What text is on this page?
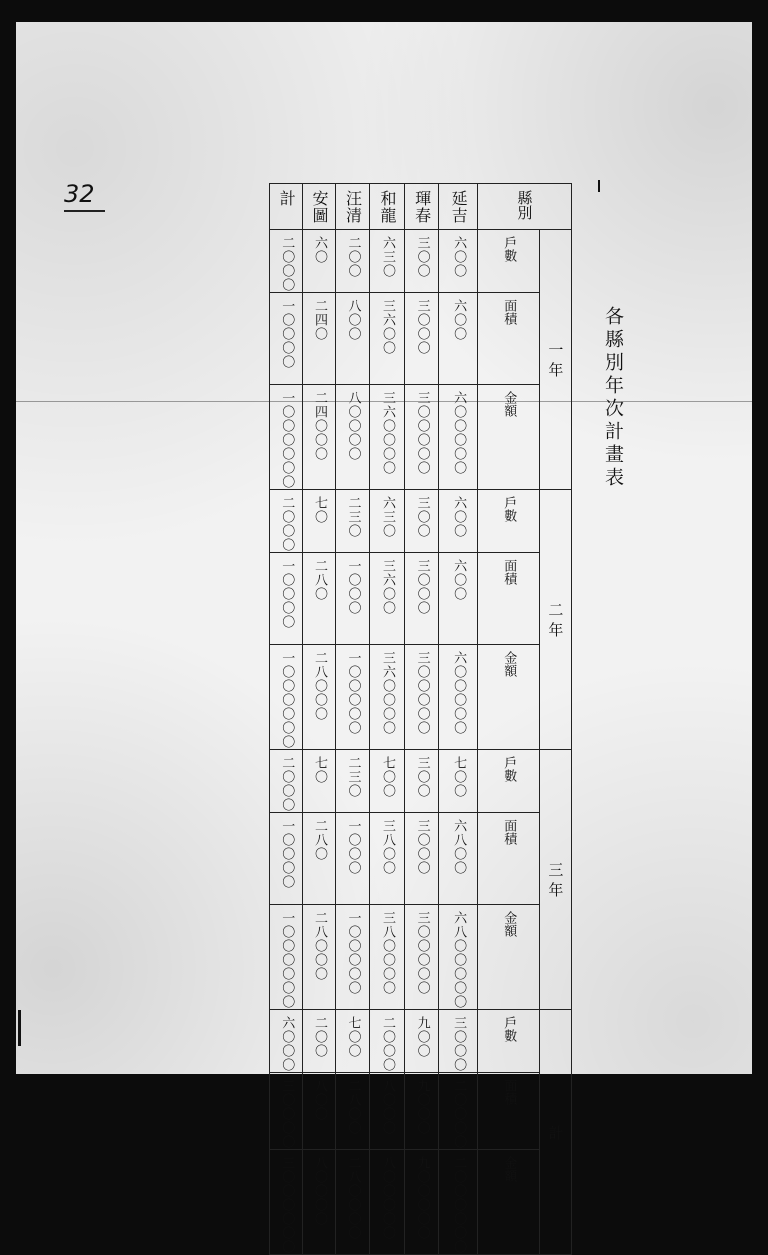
32
各縣別年次計畫表
計	安圖	汪清	和龍	琿春	延吉	縣別	

二〇〇〇	六〇	二〇〇	六三〇	三〇〇	六〇〇	戶數	一 年

一〇〇〇〇	二四〇	八〇〇	三六〇〇	三〇〇〇	六〇〇	面積	

一〇〇〇〇〇〇	二四〇〇〇	八〇〇〇〇	三六〇〇〇〇	三〇〇〇〇〇	六〇〇〇〇〇	金額	

二〇〇〇	七〇	二三〇	六三〇	三〇〇	六〇〇	戶數	二 年

一〇〇〇〇	二八〇	一〇〇〇	三六〇〇	三〇〇〇	六〇〇	面積	

一〇〇〇〇〇〇	二八〇〇〇	一〇〇〇〇〇	三六〇〇〇〇	三〇〇〇〇〇	六〇〇〇〇〇	金額	

二〇〇〇	七〇	二三〇	七〇〇	三〇〇	七〇〇	戶數	三 年

一〇〇〇〇	二八〇	一〇〇〇	三八〇〇	三〇〇〇	六八〇〇	面積	

一〇〇〇〇〇〇	二八〇〇〇	一〇〇〇〇〇	三八〇〇〇〇	三〇〇〇〇〇	六八〇〇〇〇〇	金額	

六〇〇〇	二〇〇	七〇〇	二〇〇〇	九〇〇	三〇〇〇	戶數	計

三〇〇〇〇	八〇〇	二八〇〇	八〇〇〇	九〇〇〇	二〇〇〇〇	面積	

三〇〇〇〇〇〇	八〇〇〇〇	二八〇〇〇〇	八〇〇〇〇〇	九〇〇〇〇〇	二〇〇〇〇〇〇	金額	
